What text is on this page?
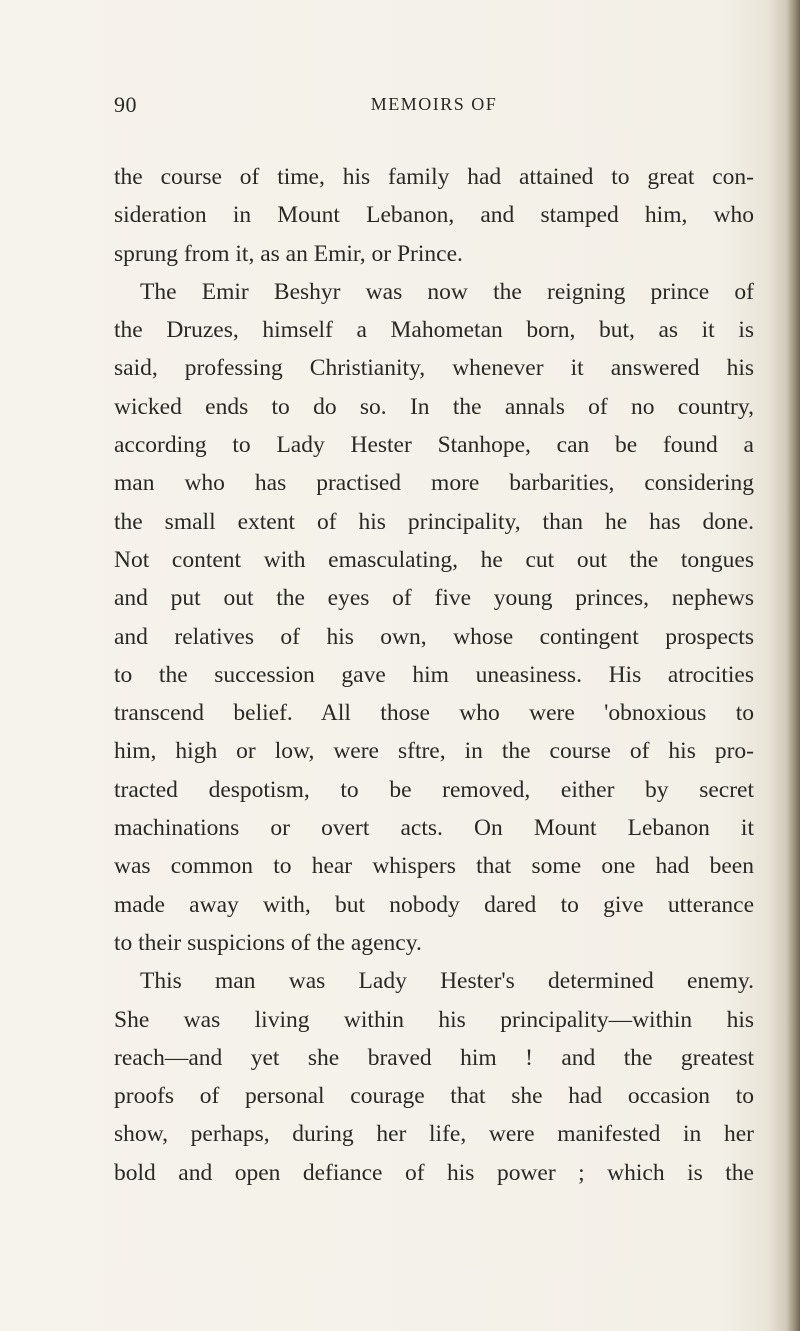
90	MEMOIRS OF
the course of time, his family had attained to great con-
sideration in Mount Lebanon, and stamped him, who
sprung from it, as an Emir, or Prince.
The Emir Beshyr was now the reigning prince of
the Druzes, himself a Mahometan born, but, as it is
said, professing Christianity, whenever it answered his
wicked ends to do so. In the annals of no country,
according to Lady Hester Stanhope, can be found a
man who has practised more barbarities, considering
the small extent of his principality, than he has done.
Not content with emasculating, he cut out the tongues
and put out the eyes of five young princes, nephews
and relatives of his own, whose contingent prospects
to the succession gave him uneasiness. His atrocities
transcend belief. All those who were 'obnoxious to
him, high or low, were sftre, in the course of his pro-
tracted despotism, to be removed, either by secret
machinations or overt acts. On Mount Lebanon it
was common to hear whispers that some one had been
made away with, but nobody dared to give utterance
to their suspicions of the agency.
This man was Lady Hester's determined enemy.
She was living within his principality—within his
reach—and yet she braved him ! and the greatest
proofs of personal courage that she had occasion to
show, perhaps, during her life, were manifested in her
bold and open defiance of his power ; which is the
